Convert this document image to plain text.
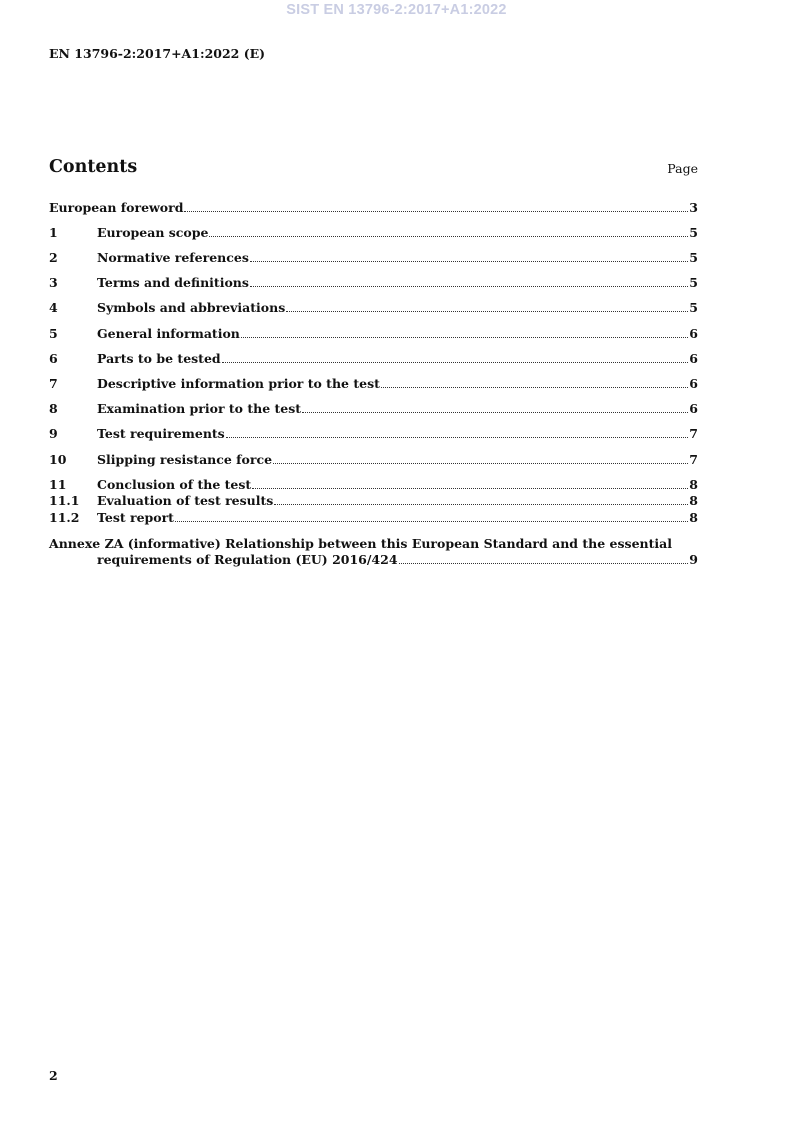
SIST EN 13796-2:2017+A1:2022
EN 13796-2:2017+A1:2022 (E)
Contents	Page
European foreword	3
1	European scope	5
2	Normative references	5
3	Terms and definitions	5
4	Symbols and abbreviations	5
5	General information	6
6	Parts to be tested	6
7	Descriptive information prior to the test	6
8	Examination prior to the test	6
9	Test requirements	7
10	Slipping resistance force	7
11	Conclusion of the test	8
11.1	Evaluation of test results	8
11.2	Test report	8
Annexe ZA (informative) Relationship between this European Standard and the essential
requirements of Regulation (EU) 2016/424	9
2
